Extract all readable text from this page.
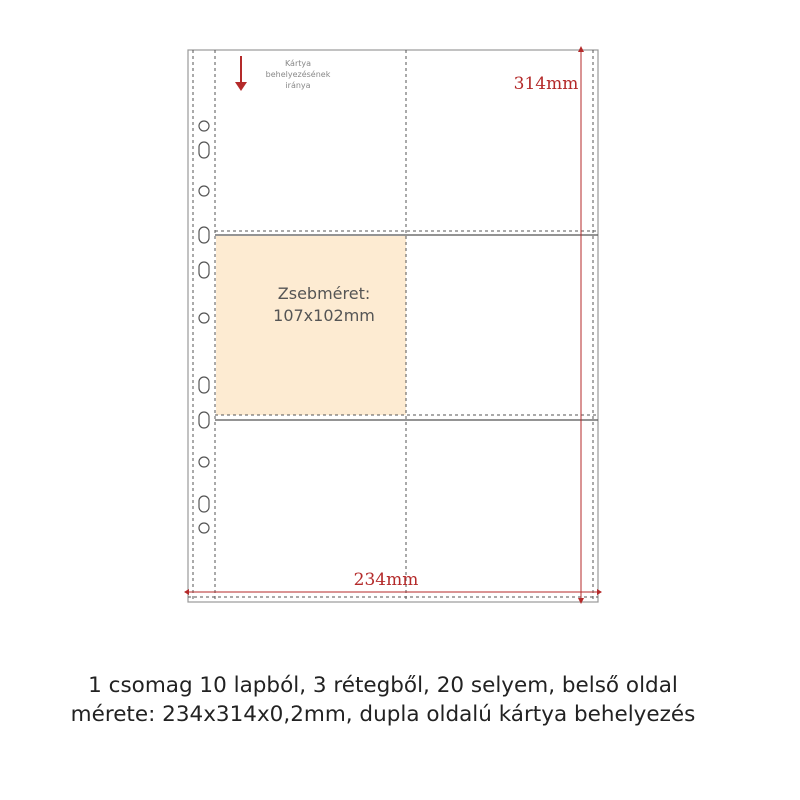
Kártya
behelyezésének
iránya
Zsebméret:
107x102mm
314mm
234mm
1 csomag 10 lapból, 3 rétegből, 20 selyem, belső oldal
mérete: 234x314x0,2mm, dupla oldalú kártya behelyezés
